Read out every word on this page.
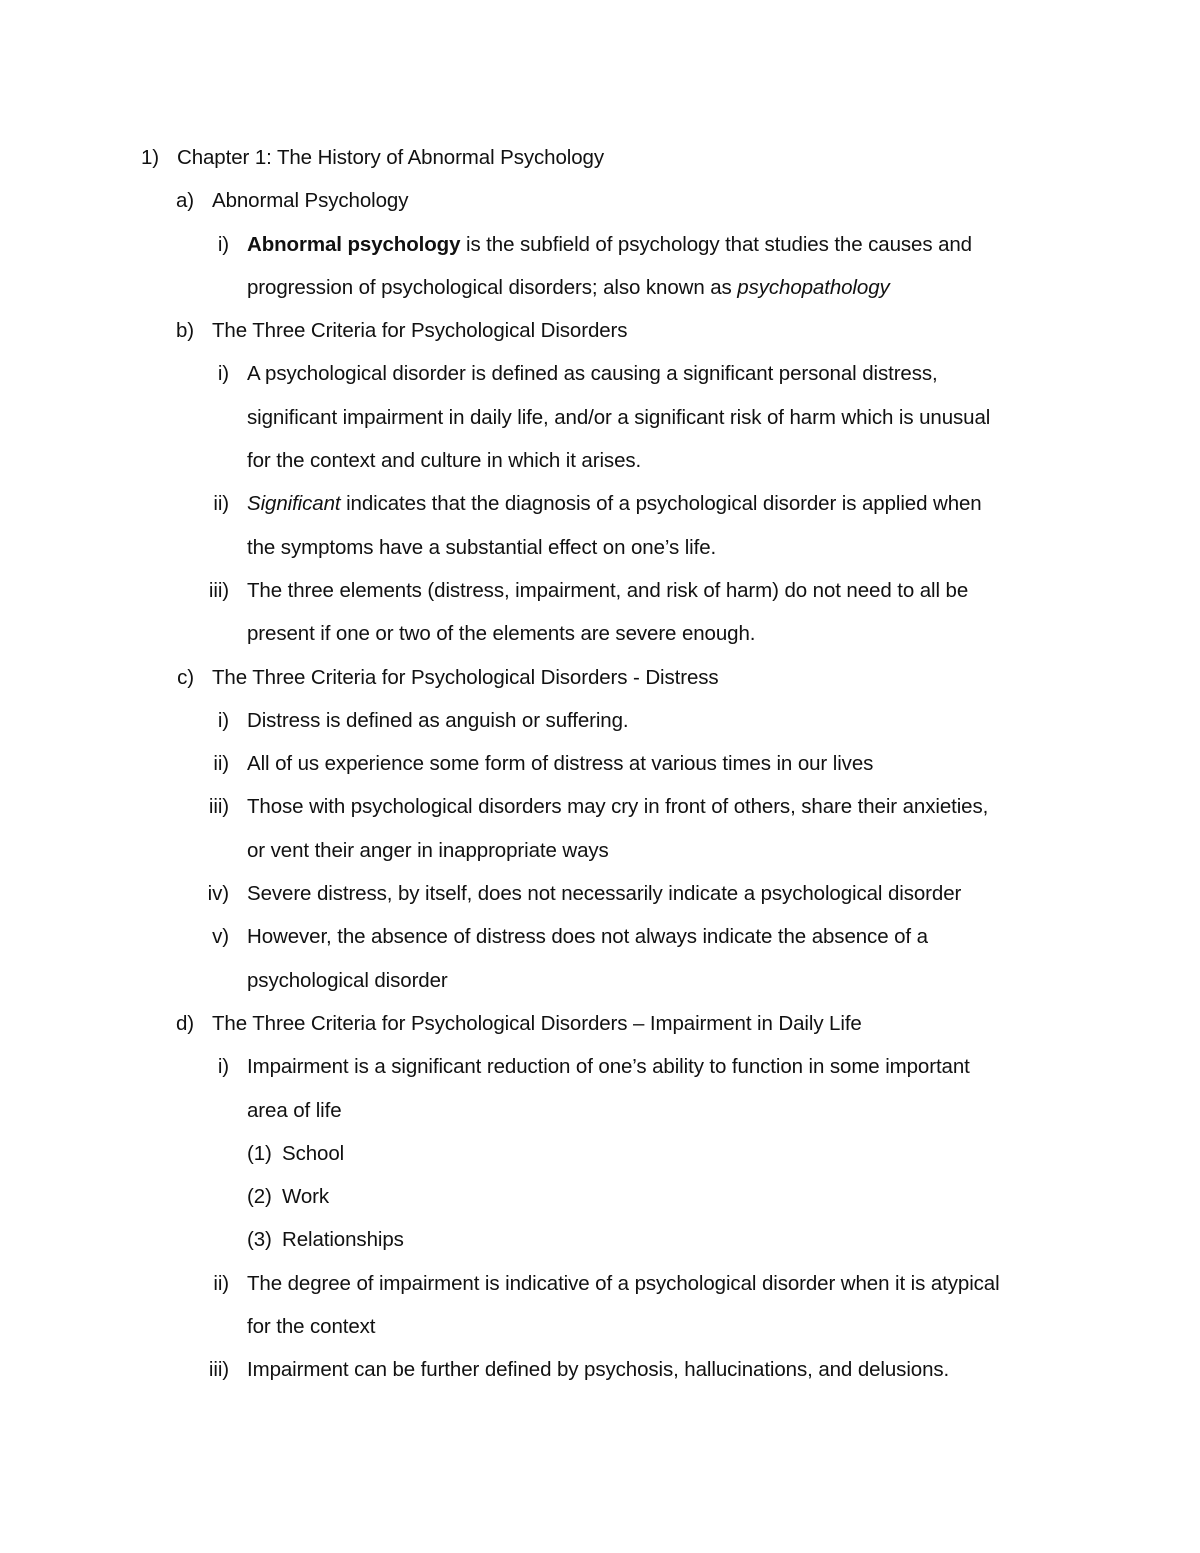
1) Chapter 1: The History of Abnormal Psychology
a) Abnormal Psychology
i) Abnormal psychology is the subfield of psychology that studies the causes and
progression of psychological disorders; also known as psychopathology
b) The Three Criteria for Psychological Disorders
i) A psychological disorder is defined as causing a significant personal distress,
significant impairment in daily life, and/or a significant risk of harm which is unusual
for the context and culture in which it arises.
ii) Significant indicates that the diagnosis of a psychological disorder is applied when
the symptoms have a substantial effect on one’s life.
iii) The three elements (distress, impairment, and risk of harm) do not need to all be
present if one or two of the elements are severe enough.
c) The Three Criteria for Psychological Disorders - Distress
i) Distress is defined as anguish or suffering.
ii) All of us experience some form of distress at various times in our lives
iii) Those with psychological disorders may cry in front of others, share their anxieties,
or vent their anger in inappropriate ways
iv) Severe distress, by itself, does not necessarily indicate a psychological disorder
v) However, the absence of distress does not always indicate the absence of a
psychological disorder
d) The Three Criteria for Psychological Disorders – Impairment in Daily Life
i) Impairment is a significant reduction of one’s ability to function in some important
area of life
(1) School
(2) Work
(3) Relationships
ii) The degree of impairment is indicative of a psychological disorder when it is atypical
for the context
iii) Impairment can be further defined by psychosis, hallucinations, and delusions.
